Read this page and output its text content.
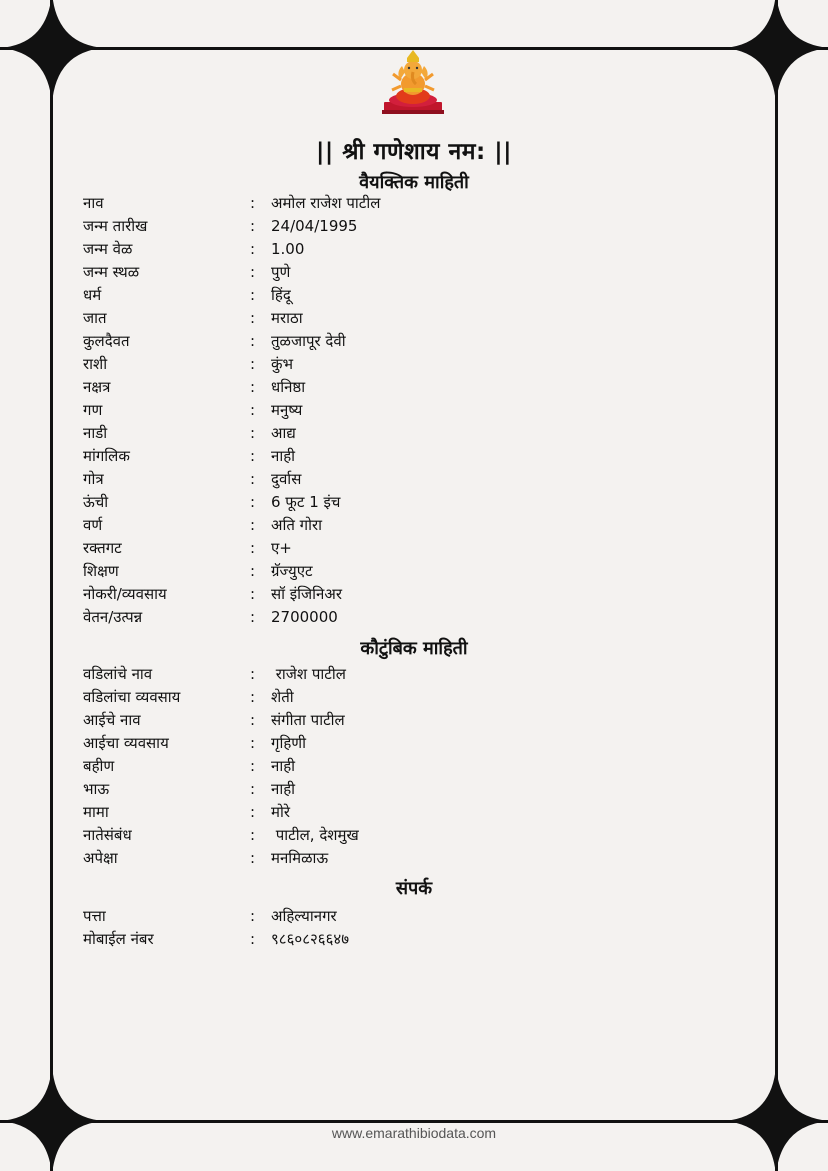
|| श्री गणेशाय नम: ||
वैयक्तिक माहिती
नाव	:	अमोल राजेश पाटील
जन्म तारीख	:	24/04/1995
जन्म वेळ	:	1.00
जन्म स्थळ	:	पुणे
धर्म	:	हिंदू
जात	:	मराठा
कुलदैवत	:	तुळजापूर देवी
राशी	:	कुंभ
नक्षत्र	:	धनिष्ठा
गण	:	मनुष्य
नाडी	:	आद्य
मांगलिक	:	नाही
गोत्र	:	दुर्वास
ऊंची	:	6 फूट 1 इंच
वर्ण	:	अति गोरा
रक्तगट	:	ए+
शिक्षण	:	ग्रॅज्युएट
नोकरी/व्यवसाय	:	सॉ इंजिनिअर
वेतन/उत्पन्न	:	2700000
कौटुंबिक माहिती
वडिलांचे नाव	:	राजेश पाटील
वडिलांचा व्यवसाय	:	शेती
आईचे नाव	:	संगीता पाटील
आईचा व्यवसाय	:	गृहिणी
बहीण	:	नाही
भाऊ	:	नाही
मामा	:	मोरे
नातेसंबंध	:	पाटील, देशमुख
अपेक्षा	:	मनमिळाऊ
संपर्क
पत्ता	:	अहिल्यानगर
मोबाईल नंबर	:	९८६०८२६६४७
www.emarathibiodata.com
